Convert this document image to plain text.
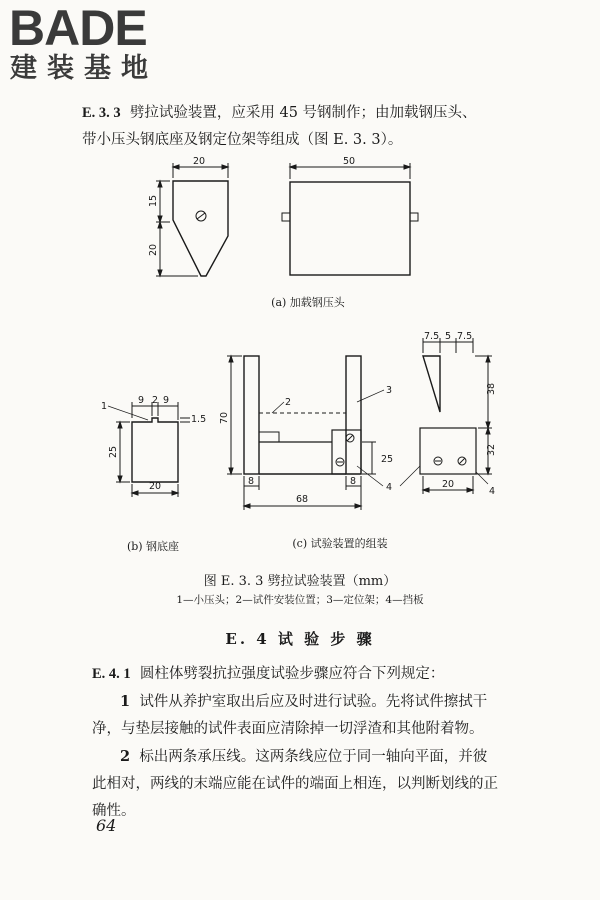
BADE
建装基地
E. 3. 3 劈拉试验装置，应采用 45 号钢制作；由加载钢压头、
带小压头钢底座及钢定位架等组成（图 E. 3. 3）。
20
15
20
50
9 2 9
1.5
1
25
20
2
3
4
70
25
8	8
68
7.5 5 7.5
38
32
20
4
(a) 加载钢压头
(b) 钢底座	(c) 试验装置的组装
图 E. 3. 3 劈拉试验装置（mm）
1—小压头；2—试件安装位置；3—定位架；4—挡板
E. 4 试 验 步 骤
E. 4. 1 圆柱体劈裂抗拉强度试验步骤应符合下列规定：
1 试件从养护室取出后应及时进行试验。先将试件擦拭干
净，与垫层接触的试件表面应清除掉一切浮渣和其他附着物。
2 标出两条承压线。这两条线应位于同一轴向平面，并彼
此相对，两线的末端应能在试件的端面上相连，以判断划线的正
确性。
64
